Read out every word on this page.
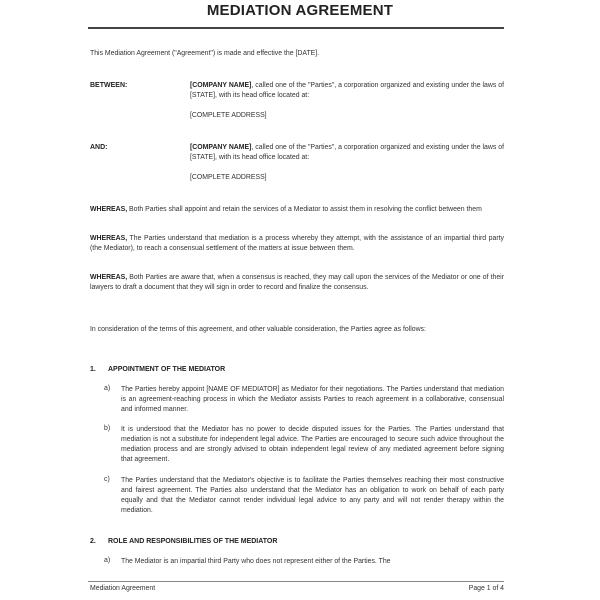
MEDIATION AGREEMENT
This Mediation Agreement ("Agreement") is made and effective the [DATE].
BETWEEN:	[COMPANY NAME], called one of the "Parties", a corporation organized and existing under the laws of [STATE], with its head office located at:
[COMPLETE ADDRESS]
AND:	[COMPANY NAME], called one of the "Parties", a corporation organized and existing under the laws of [STATE], with its head office located at:
[COMPLETE ADDRESS]
WHEREAS, Both Parties shall appoint and retain the services of a Mediator to assist them in resolving the conflict between them
WHEREAS, The Parties understand that mediation is a process whereby they attempt, with the assistance of an impartial third party (the Mediator), to reach a consensual settlement of the matters at issue between them.
WHEREAS, Both Parties are aware that, when a consensus is reached, they may call upon the services of the Mediator or one of their lawyers to draft a document that they will sign in order to record and finalize the consensus.
In consideration of the terms of this agreement, and other valuable consideration, the Parties agree as follows:
1. APPOINTMENT OF THE MEDIATOR
a) The Parties hereby appoint [NAME OF MEDIATOR] as Mediator for their negotiations. The Parties understand that mediation is an agreement-reaching process in which the Mediator assists Parties to reach agreement in a collaborative, consensual and informed manner.
b) It is understood that the Mediator has no power to decide disputed issues for the Parties. The Parties understand that mediation is not a substitute for independent legal advice. The Parties are encouraged to secure such advice throughout the mediation process and are strongly advised to obtain independent legal review of any mediated agreement before signing that agreement.
c) The Parties understand that the Mediator's objective is to facilitate the Parties themselves reaching their most constructive and fairest agreement. The Parties also understand that the Mediator has an obligation to work on behalf of each party equally and that the Mediator cannot render individual legal advice to any party and will not render therapy within the mediation.
2. ROLE AND RESPONSIBILITIES OF THE MEDIATOR
a) The Mediator is an impartial third Party who does not represent either of the Parties. The
Mediation Agreement	Page 1 of 4
